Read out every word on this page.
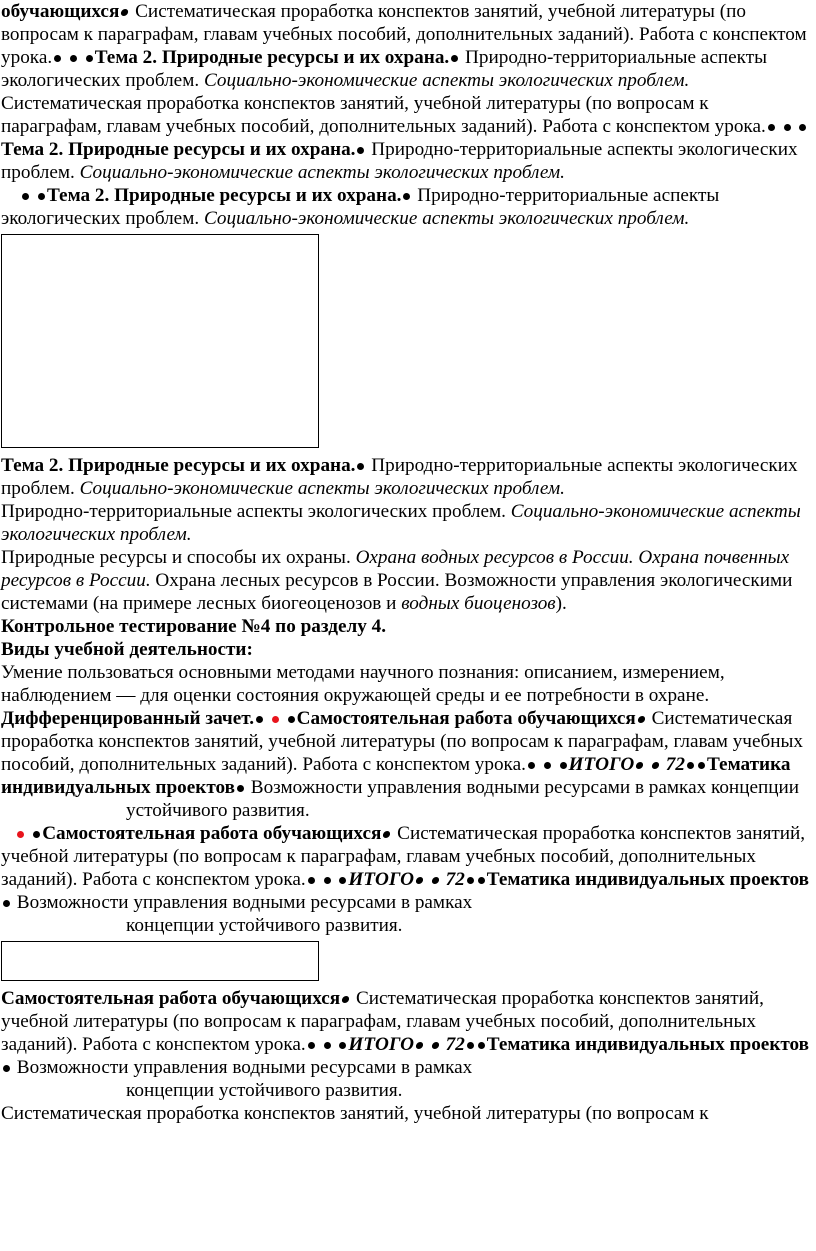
обучающихся Систематическая проработка конспектов занятий, учебной литературы (по вопросам к параграфам, главам учебных пособий, дополнительных заданий). Работа с конспектом урока. Тема 2. Природные ресурсы и их охрана. Природно-территориальные аспекты экологических проблем. Социально-экономические аспекты экологических проблем.

Систематическая проработка конспектов занятий, учебной литературы (по вопросам к параграфам, главам учебных пособий, дополнительных заданий). Работа с конспектом урока.  Тема 2. Природные ресурсы и их охрана. Природно-территориальные аспекты экологических проблем. Социально-экономические аспекты экологических проблем.

Тема 2. Природные ресурсы и их охрана. Природно-территориальные аспекты экологических проблем. Социально-экономические аспекты экологических проблем.

Тема 2. Природные ресурсы и их охрана. Природно-территориальные аспекты экологических проблем. Социально-экономические аспекты экологических проблем.

Природно-территориальные аспекты экологических проблем. Социально-экономические аспекты экологических проблем.

Природные ресурсы и способы их охраны. Охрана водных ресурсов в России. Охрана почвенных ресурсов в России. Охрана лесных ресурсов в России. Возможности управления экологическими системами (на примере лесных биогеоценозов и водных биоценозов).

Контрольное тестирование №4 по разделу 4.

Виды учебной деятельности:

Умение пользоваться основными методами научного познания: описанием, измерением, наблюдением — для оценки состояния окружающей среды и ее потребности в охране.

Дифференцированный зачет. Самостоятельная работа обучающихся Систематическая проработка конспектов занятий, учебной литературы (по вопросам к параграфам, главам учебных пособий, дополнительных заданий). Работа с конспектом урока. ИТОГО  72 Тематика индивидуальных проектов Возможности управления водными ресурсами в рамках концепции

устойчивого развития.

Самостоятельная работа обучающихся Систематическая проработка конспектов занятий, учебной литературы (по вопросам к параграфам, главам учебных пособий, дополнительных заданий). Работа с конспектом урока. ИТОГО  72 Тематика индивидуальных проектов Возможности управления водными ресурсами в рамках

концепции устойчивого развития.

Самостоятельная работа обучающихся Систематическая проработка конспектов занятий, учебной литературы (по вопросам к параграфам, главам учебных пособий, дополнительных заданий). Работа с конспектом урока. ИТОГО  72 Тематика индивидуальных проектов Возможности управления водными ресурсами в рамках

концепции устойчивого развития.

Систематическая проработка конспектов занятий, учебной литературы (по вопросам к
